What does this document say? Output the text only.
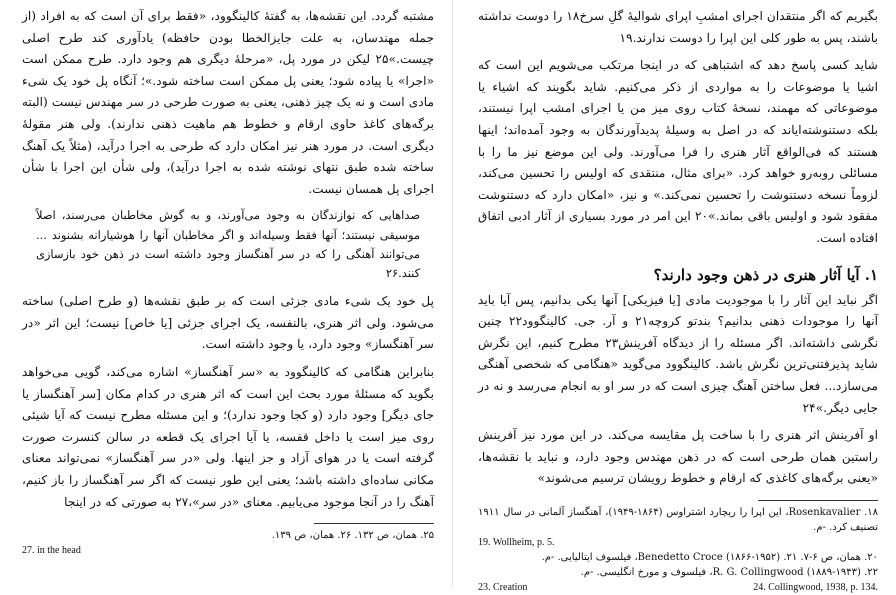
مشتبه گردد. این نقشه‌ها، به گفتهٔ کالینگوود، «فقط برای آن است که به افراد (از جمله مهندسان، به علت جایزالخطا بودن حافظه) یادآوری کند طرح اصلی چیست.»۲۵ لیکن در مورد پل، «مرحلهٔ دیگری هم وجود دارد. طرح ممکن است «اجرا» یا پیاده شود؛ یعنی پل ممکن است ساخته شود.»؛ آنگاه پل خود یک شیء مادی است و نه یک چیز ذهنی، یعنی به صورت طرحی در سر مهندس نیست (البته برگه‌های کاغذ حاوی ارقام و خطوط هم ماهیت ذهنی ندارند). ولی هنر مقولهٔ دیگری است. در مورد هنر نیز امکان دارد که طرحی به اجرا درآید، (مثلاً یک آهنگ ساخته شده طبق نتهای نوشته شده به اجرا درآید)، ولی شأن این اجرا با شأن اجرای پل همسان نیست.

صداهایی که نوازندگان به وجود می‌آورند، و به گوش مخاطبان می‌رسند، اصلاً موسیقی نیستند؛ آنها فقط وسیله‌اند و اگر مخاطبان آنها را هوشیارانه بشنوند ... می‌توانند آهنگی را که در سر آهنگساز وجود داشته است در ذهن خود بازسازی کنند.۲۶

پل خود یک شیء مادی جزئی است که بر طبق نقشه‌ها (و طرح اصلی) ساخته می‌شود. ولی اثر هنری، بالنفسه، یک اجرای جزئی [یا خاص] نیست؛ این اثر «در سر آهنگساز» وجود دارد، یا وجود داشته است.

بنابراین هنگامی که کالینگوود به «سر آهنگساز» اشاره می‌کند، گویی می‌خواهد بگوید که مسئلهٔ مورد بحث این است که اثر هنری در کدام مکان [سر آهنگساز یا جای دیگر] وجود دارد (و کجا وجود ندارد)؛ و این مسئله مطرح نیست که آیا شیئی روی میز است یا داخل قفسه، یا آیا اجرای یک قطعه در سالن کنسرت صورت گرفته است یا در هوای آزاد و جز اینها. ولی «در سر آهنگساز» نمی‌تواند معنای مکانی ساده‌ای داشته باشد؛ یعنی این طور نیست که اگر سر آهنگساز را باز کنیم، آهنگ را در آنجا موجود می‌یابیم. معنای «در سر»،۲۷ به صورتی که در اینجا

۲۵. همان، ص ۱۳۲. ۲۶. همان، ص ۱۳۹.

27. in the head

بگیریم که اگر منتقدان اجرای امشبِ اپرای شوالیهٔ گلِ سرخ۱۸ را دوست نداشته باشند، پس به طور کلی این اپرا را دوست ندارند.۱۹

شاید کسی پاسخ دهد که اشتباهی که در اینجا مرتکب می‌شویم این است که اشیا یا موضوعات را به مواردی از ذکر می‌کنیم. شاید بگویند که اشیاء یا موضوعاتی که مهمند، نسخهٔ کتاب روی میز من یا اجرای امشب اپرا نیستند، بلکه دستنوشته‌ایاند که در اصل به وسیلهٔ پدیدآورندگان به وجود آمده‌اند؛ اینها هستند که فی‌الواقع آثار هنری را فرا می‌آورند. ولی این موضع نیز ما را با مسائلی روبه‌رو خواهد کرد. «برای مثال، منتقدی که اولیس را تحسین می‌کند، لزوماً نسخه دستنوشت را تحسین نمی‌کند.» و نیز، «امکان دارد که دستنوشت مفقود شود و اولیس باقی بماند.»۲۰ این امر در مورد بسیاری از آثار ادبی اتفاق افتاده است.

۱. آیا آثار هنری در ذهن وجود دارند؟

اگر نباید این آثار را با موجودیت مادی [یا فیزیکی] آنها یکی بدانیم، پس آیا باید آنها را موجودات ذهنی بدانیم؟ بندتو کروچه۲۱ و آر. جی. کالینگوود۲۲ چنین نگرشی داشته‌اند. اگر مسئله را از دیدگاه آفرینش۲۳ مطرح کنیم، این نگرش شاید پذیرفتنی‌ترین نگرش باشد. کالینگوود می‌گوید «هنگامی که شخصی آهنگی می‌سازد... فعل ساختن آهنگ چیزی است که در سر او به انجام می‌رسد و نه در جایی دیگر.»۲۴

او آفرینش اثر هنری را با ساخت پل مقایسه می‌کند. در این مورد نیز آفرینش راستین همان طرحی است که در ذهن مهندس وجود دارد، و نباید با نقشه‌ها، «یعنی برگه‌های کاغذی که ارقام و خطوط رویشان ترسیم می‌شوند»

۱۸. Rosenkavalier، این اپرا را ریچارد اشتراوس (۱۸۶۴-۱۹۴۹)، آهنگساز آلمانی در سال ۱۹۱۱ تصنیف کرد. -م.

19. Wollheim, p. 5.

۲۰. همان، ص ۶-۷. ۲۱. Benedetto Croce (۱۸۶۶-۱۹۵۲)، فیلسوف ایتالیایی. -م.

۲۲. R. G. Collingwood (۱۸۸۹-۱۹۴۳)، فیلسوف و مورخ انگلیسی. -م.

23. Creation	24. Collingwood, 1938, p. 134.
